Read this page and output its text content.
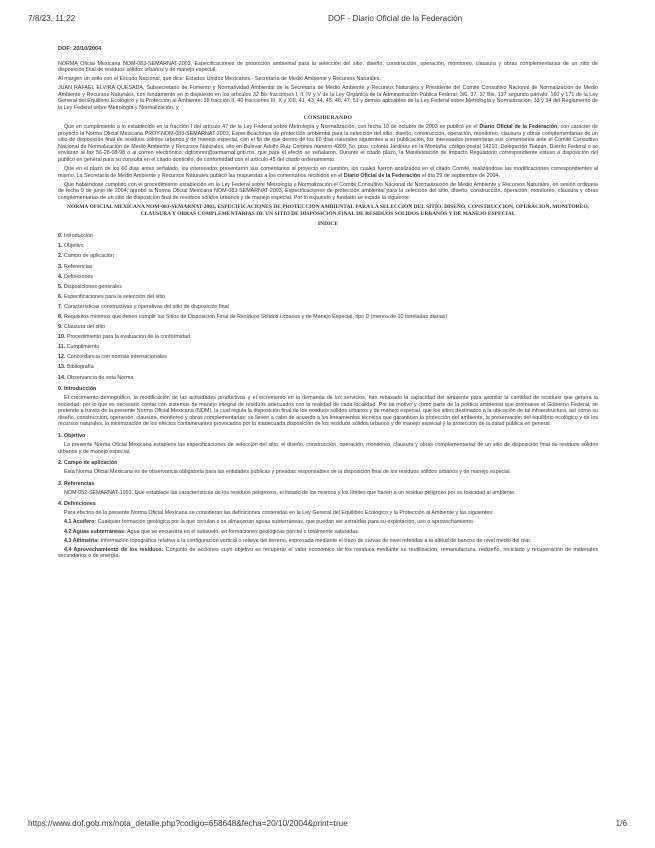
7/8/23, 11:22	DOF - Diario Oficial de la Federación
DOF: 20/10/2004

NORMA Oficial Mexicana NOM-083-SEMARNAT-2003, Especificaciones de protección ambiental para la selección del sitio, diseño, construcción, operación, monitoreo, clausura y obras complementarias de un sitio de disposición final de residuos sólidos urbanos y de manejo especial.

Al margen un sello con el Escudo Nacional, que dice: Estados Unidos Mexicanos.- Secretaría de Medio Ambiente y Recursos Naturales.

JUAN RAFAEL ELVIRA QUESADA, Subsecretario de Fomento y Normatividad Ambiental de la Secretaría de Medio Ambiente y Recursos Naturales y Presidente del Comité Consultivo Nacional de Normalización de Medio Ambiente y Recursos Naturales, con fundamento en lo dispuesto en los artículos 32 Bis fracciones I, II, IV y V de la Ley Orgánica de la Administración Pública Federal; 3/6, 37, 37 Bis, 137 segundo párrafo, 160 y 171 de la Ley General del Equilibrio Ecológico y la Protección al Ambiente; 38 fracción II, 40 fracciones III, X y XIII, 41, 43, 44, 45, 46, 47, 51 y demás aplicables de la Ley Federal sobre Metrología y Normalización; 33 y 34 del Reglamento de la Ley Federal sobre Metrología y Normalización, y

CONSIDERANDO

Que en cumplimiento a lo establecido en la fracción I del artículo 47 de la Ley Federal sobre Metrología y Normalización, con fecha 10 de octubre de 2003 se publicó en el Diario Oficial de la Federación, con carácter de proyecto la Norma Oficial Mexicana PROY-NOM-083-SEMARNAT-2003, Especificaciones de protección ambiental para la selección del sitio, diseño, construcción, operación, monitoreo, clausura y obras complementarias de un sitio de disposición final de residuos sólidos urbanos y de manejo especial, con el fin de que dentro de los 60 días naturales siguientes a su publicación, los interesados presentaran sus comentarios ante el Comité Consultivo Nacional de Normalización de Medio Ambiente y Recursos Naturales, sito en Bulevar Adolfo Ruiz Cortines número 4209, 5o. piso, colonia Jardines en la Montaña, código postal 14210, Delegación Tlalpan, Distrito Federal o se enviaran al fax 56-28-08-98 o al correo electrónico: dgfomnor@semarnat.gob.mx, que para el efecto se señalaron. Durante el citado plazo, la Manifestación de Impacto Regulatorio correspondiente estuvo a disposición del público en general para su consulta en el citado domicilio, de conformidad con el artículo 45 del citado ordenamiento.

Que en el plazo de los 60 días antes señalado, los interesados presentaron sus comentarios al proyecto en cuestión, los cuales fueron analizados en el citado Comité, realizándose las modificaciones correspondientes al mismo. La Secretaría de Medio Ambiente y Recursos Naturales publicó las respuestas a los comentarios recibidos en el Diario Oficial de la Federación el día 29 de septiembre de 2004.

Que habiéndose cumplido con el procedimiento establecido en la Ley Federal sobre Metrología y Normalización el Comité Consultivo Nacional de Normalización de Medio Ambiente y Recursos Naturales, en sesión ordinaria de fecha 9 de junio de 2004, aprobó la Norma Oficial Mexicana NOM-083-SEMARNAT-2003, Especificaciones de protección ambiental para la selección del sitio, diseño, construcción, operación, monitoreo, clausura y obras complementarias de un sitio de disposición final de residuos sólidos urbanos y de manejo especial. Por lo expuesto y fundado se expide la siguiente:

NORMA OFICIAL MEXICANA NOM-083-SEMARNAT-2003, ESPECIFICACIONES DE PROTECCION AMBIENTAL PARA LA SELECCION DEL SITIO, DISEÑO, CONSTRUCCION, OPERACION, MONITOREO, CLAUSURA Y OBRAS COMPLEMENTARIAS DE UN SITIO DE DISPOSICION FINAL DE RESIDUOS SOLIDOS URBANOS Y DE MANEJO ESPECIAL
INDICE
0. Introducción
1. Objetivo
2. Campo de aplicación
3. Referencias
4. Definiciones
5. Disposiciones generales
6. Especificaciones para la selección del sitio
7. Características constructivas y operativas del sitio de disposición final
8. Requisitos mínimos que deben cumplir los Sitios de Disposición Final de Residuos Sólidos Urbanos y de Manejo Especial, tipo D (menos de 10 toneladas diarias)
9. Clausura del sitio
10. Procedimiento para la evaluación de la conformidad
11. Cumplimiento
12. Concordancia con normas internacionales
13. Bibliografía
14. Observancia de esta Norma
0. Introducción

El crecimiento demográfico, la modificación de las actividades productivas y el incremento en la demanda de los servicios, han rebasado la capacidad del ambiente para asimilar la cantidad de residuos que genera la sociedad; por lo que es necesario contar con sistemas de manejo integral de residuos adecuados con la realidad de cada localidad. Por tal motivo y como parte de la política ambiental que promueve el Gobierno Federal, se pretende a través de la presente Norma Oficial Mexicana (NOM), la cual regula la disposición final de los residuos sólidos urbanos y de manejo especial, que los sitios destinados a la ubicación de tal infraestructura, así como su diseño, construcción, operación, clausura, monitoreo y obras complementarias; se lleven a cabo de acuerdo a los lineamientos técnicos que garanticen la protección del ambiente, la preservación del equilibrio ecológico y de los recursos naturales, la minimización de los efectos contaminantes provocados por la inadecuada disposición de los residuos sólidos urbanos y de manejo especial y la protección de la salud pública en general.

1. Objetivo

La presente Norma Oficial Mexicana establece las especificaciones de selección del sitio, el diseño, construcción, operación, monitoreo, clausura y obras complementarias de un sitio de disposición final de residuos sólidos urbanos y de manejo especial.

2. Campo de aplicación

Esta Norma Oficial Mexicana es de observancia obligatoria para las entidades públicas y privadas responsables de la disposición final de los residuos sólidos urbanos y de manejo especial.

3. Referencias

NOM-052-SEMARNAT-1993, Que establece las características de los residuos peligrosos, el listado de los mismos y los límites que hacen a un residuo peligroso por su toxicidad al ambiente.

4. Definiciones

Para efectos de la presente Norma Oficial Mexicana se consideran las definiciones contenidas en la Ley General del Equilibrio Ecológico y la Protección al Ambiente y las siguientes:

4.1 Acuífero: Cualquier formación geológica por la que circulan o se almacenan aguas subterráneas, que puedan ser extraídas para su explotación, uso o aprovechamiento.

4.2 Aguas subterráneas: Agua que se encuentra en el subsuelo, en formaciones geológicas parcial o totalmente saturadas.

4.3 Altimetría: Información topográfica relativa a la configuración vertical o relieve del terreno, expresada mediante el trazo de curvas de nivel referidas a la altitud de bancos de nivel medio del mar.

4.4 Aprovechamiento de los residuos: Conjunto de acciones cuyo objetivo es recuperar el valor económico de los residuos mediante su reutilización, remanufactura, rediseño, reciclado y recuperación de materiales secundarios o de energía.

https://www.dof.gob.mx/nota_detalle.php?codigo=658648&fecha=20/10/2004&print=true	1/6
